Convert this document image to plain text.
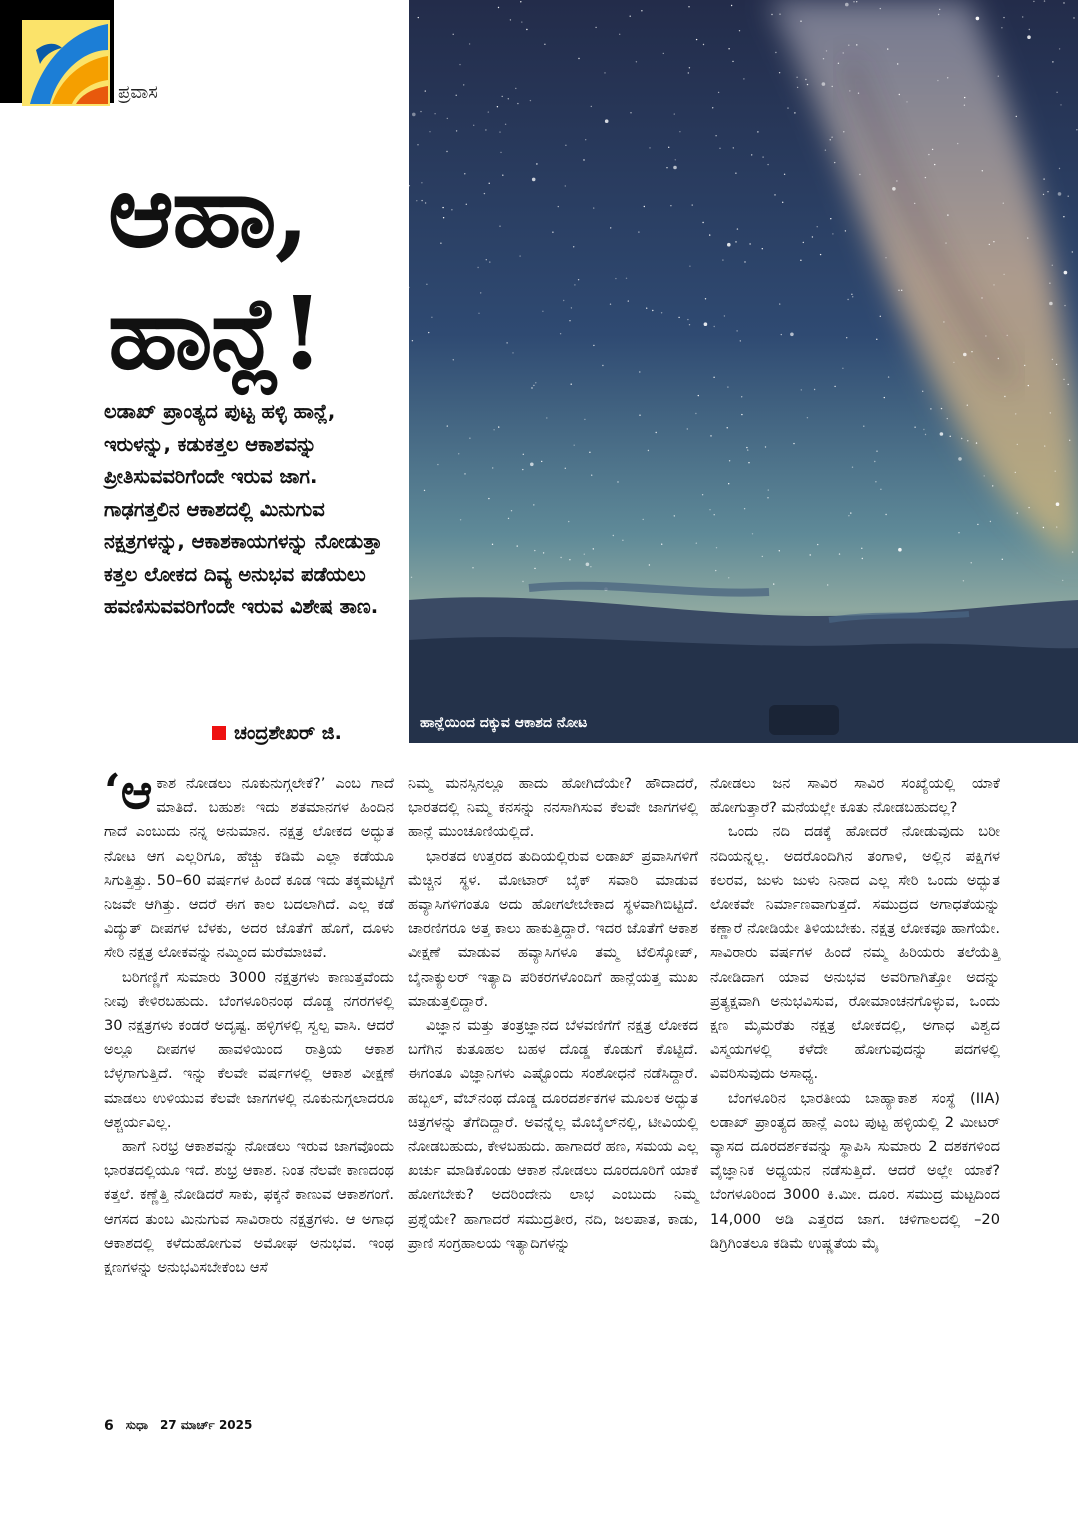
ಪ್ರವಾಸ
ಆಹಾ,
ಹಾನ್ಲೆ!
ಲಡಾಖ್ ಪ್ರಾಂತ್ಯದ ಪುಟ್ಟ ಹಳ್ಳಿ ಹಾನ್ಲೆ, ಇರುಳನ್ನು, ಕಡುಕತ್ತಲ ಆಕಾಶವನ್ನು ಪ್ರೀತಿಸುವವರಿಗೆಂದೇ ಇರುವ ಜಾಗ. ಗಾಢಗತ್ತಲಿನ ಆಕಾಶದಲ್ಲಿ ಮಿನುಗುವ ನಕ್ಷತ್ರಗಳನ್ನು, ಆಕಾಶಕಾಯಗಳನ್ನು ನೋಡುತ್ತಾ ಕತ್ತಲ ಲೋಕದ ದಿವ್ಯ ಅನುಭವ ಪಡೆಯಲು ಹವಣಿಸುವವರಿಗೆಂದೇ ಇರುವ ವಿಶೇಷ ತಾಣ.
ಚಂದ್ರಶೇಖರ್ ಜಿ.	ಹಾನ್ಲೆಯಿಂದ ದಕ್ಕುವ ಆಕಾಶದ ನೋಟ

‘ಆಕಾಶ ನೋಡಲು ನೂಕುನುಗ್ಗಲೇಕೆ?’ ಎಂಬ ಗಾದೆ ಮಾತಿದೆ. ಬಹುಶಃ ಇದು ಶತಮಾನಗಳ ಹಿಂದಿನ ಗಾದೆ ಎಂಬುದು ನನ್ನ ಅನುಮಾನ. ನಕ್ಷತ್ರ ಲೋಕದ ಅದ್ಭುತ ನೋಟ ಆಗ ಎಲ್ಲರಿಗೂ, ಹೆಚ್ಚು ಕಡಿಮೆ ಎಲ್ಲಾ ಕಡೆಯೂ ಸಿಗುತ್ತಿತ್ತು. 50–60 ವರ್ಷಗಳ ಹಿಂದೆ ಕೂಡ ಇದು ತಕ್ಕಮಟ್ಟಿಗೆ ನಿಜವೇ ಆಗಿತ್ತು. ಆದರೆ ಈಗ ಕಾಲ ಬದಲಾಗಿದೆ. ಎಲ್ಲ ಕಡೆ ವಿದ್ಯುತ್ ದೀಪಗಳ ಬೆಳಕು, ಅದರ ಜೊತೆಗೆ ಹೊಗೆ, ದೂಳು ಸೇರಿ ನಕ್ಷತ್ರ ಲೋಕವನ್ನು ನಮ್ಮಿಂದ ಮರೆಮಾಚಿವೆ.

ಬರಿಗಣ್ಣಿಗೆ ಸುಮಾರು 3000 ನಕ್ಷತ್ರಗಳು ಕಾಣುತ್ತವೆಂದು ನೀವು ಕೇಳಿರಬಹುದು. ಬೆಂಗಳೂರಿನಂಥ ದೊಡ್ಡ ನಗರಗಳಲ್ಲಿ 30 ನಕ್ಷತ್ರಗಳು ಕಂಡರೆ ಅದೃಷ್ಟ. ಹಳ್ಳಿಗಳಲ್ಲಿ ಸ್ವಲ್ಪ ವಾಸಿ. ಆದರೆ ಅಲ್ಲೂ ದೀಪಗಳ ಹಾವಳಿಯಿಂದ ರಾತ್ರಿಯ ಆಕಾಶ ಬೆಳ್ಳಗಾಗುತ್ತಿದೆ. ಇನ್ನು ಕೆಲವೇ ವರ್ಷಗಳಲ್ಲಿ ಆಕಾಶ ವೀಕ್ಷಣೆ ಮಾಡಲು ಉಳಿಯುವ ಕೆಲವೇ ಜಾಗಗಳಲ್ಲಿ ನೂಕುನುಗ್ಗಲಾದರೂ ಆಶ್ಚರ್ಯವಿಲ್ಲ.

ಹಾಗೆ ನಿರಭ್ರ ಆಕಾಶವನ್ನು ನೋಡಲು ಇರುವ ಜಾಗವೊಂದು ಭಾರತದಲ್ಲಿಯೂ ಇದೆ. ಶುಭ್ರ ಆಕಾಶ. ನಿಂತ ನೆಲವೇ ಕಾಣದಂಥ ಕತ್ತಲೆ. ಕಣ್ಣೆತ್ತಿ ನೋಡಿದರೆ ಸಾಕು, ಫಕ್ಕನೆ ಕಾಣುವ ಆಕಾಶಗಂಗೆ. ಆಗಸದ ತುಂಬ ಮಿನುಗುವ ಸಾವಿರಾರು ನಕ್ಷತ್ರಗಳು. ಆ ಅಗಾಧ ಆಕಾಶದಲ್ಲಿ ಕಳೆದುಹೋಗುವ ಅಮೋಘ ಅನುಭವ. ಇಂಥ ಕ್ಷಣಗಳನ್ನು ಅನುಭವಿಸಬೇಕೆಂಬ ಆಸೆ

ನಿಮ್ಮ ಮನಸ್ಸಿನಲ್ಲೂ ಹಾದು ಹೋಗಿದೆಯೇ? ಹೌದಾದರೆ, ಭಾರತದಲ್ಲಿ ನಿಮ್ಮ ಕನಸನ್ನು ನನಸಾಗಿಸುವ ಕೆಲವೇ ಜಾಗಗಳಲ್ಲಿ ಹಾನ್ಲೆ ಮುಂಚೂಣಿಯಲ್ಲಿದೆ.

ಭಾರತದ ಉತ್ತರದ ತುದಿಯಲ್ಲಿರುವ ಲಡಾಖ್ ಪ್ರವಾಸಿಗಳಿಗೆ ಮೆಚ್ಚಿನ ಸ್ಥಳ. ಮೋಟಾರ್ ಬೈಕ್ ಸವಾರಿ ಮಾಡುವ ಹವ್ಯಾಸಿಗಳಿಗಂತೂ ಅದು ಹೋಗಲೇಬೇಕಾದ ಸ್ಥಳವಾಗಿಬಿಟ್ಟಿದೆ. ಚಾರಣಿಗರೂ ಅತ್ತ ಕಾಲು ಹಾಕುತ್ತಿದ್ದಾರೆ. ಇದರ ಜೊತೆಗೆ ಆಕಾಶ ವೀಕ್ಷಣೆ ಮಾಡುವ ಹವ್ಯಾಸಿಗಳೂ ತಮ್ಮ ಟೆಲಿಸ್ಕೋಪ್, ಬೈನಾಕ್ಯುಲರ್ ಇತ್ಯಾದಿ ಪರಿಕರಗಳೊಂದಿಗೆ ಹಾನ್ಲೆಯತ್ತ ಮುಖ ಮಾಡುತ್ತಲಿದ್ದಾರೆ.

ವಿಜ್ಞಾನ ಮತ್ತು ತಂತ್ರಜ್ಞಾನದ ಬೆಳವಣಿಗೆಗೆ ನಕ್ಷತ್ರ ಲೋಕದ ಬಗೆಗಿನ ಕುತೂಹಲ ಬಹಳ ದೊಡ್ಡ ಕೊಡುಗೆ ಕೊಟ್ಟಿದೆ. ಈಗಂತೂ ವಿಜ್ಞಾನಿಗಳು ಎಷ್ಟೊಂದು ಸಂಶೋಧನೆ ನಡೆಸಿದ್ದಾರೆ. ಹಬ್ಬಲ್, ವೆಬ್‌ನಂಥ ದೊಡ್ಡ ದೂರದರ್ಶಕಗಳ ಮೂಲಕ ಅದ್ಭುತ ಚಿತ್ರಗಳನ್ನು ತೆಗೆದಿದ್ದಾರೆ. ಅವನ್ನೆಲ್ಲ ಮೊಬೈಲ್‌ನಲ್ಲಿ, ಟೀವಿಯಲ್ಲಿ ನೋಡಬಹುದು, ಕೇಳಬಹುದು. ಹಾಗಾದರೆ ಹಣ, ಸಮಯ ಎಲ್ಲ ಖರ್ಚು ಮಾಡಿಕೊಂಡು ಆಕಾಶ ನೋಡಲು ದೂರದೂರಿಗೆ ಯಾಕೆ ಹೋಗಬೇಕು? ಅದರಿಂದೇನು ಲಾಭ ಎಂಬುದು ನಿಮ್ಮ ಪ್ರಶ್ನೆಯೇ? ಹಾಗಾದರೆ ಸಮುದ್ರತೀರ, ನದಿ, ಜಲಪಾತ, ಕಾಡು, ಪ್ರಾಣಿ ಸಂಗ್ರಹಾಲಯ ಇತ್ಯಾದಿಗಳನ್ನು

ನೋಡಲು ಜನ ಸಾವಿರ ಸಾವಿರ ಸಂಖ್ಯೆಯಲ್ಲಿ ಯಾಕೆ ಹೋಗುತ್ತಾರೆ? ಮನೆಯಲ್ಲೇ ಕೂತು ನೋಡಬಹುದಲ್ಲ?

ಒಂದು ನದಿ ದಡಕ್ಕೆ ಹೋದರೆ ನೋಡುವುದು ಬರೀ ನದಿಯನ್ನಲ್ಲ. ಅದರೊಂದಿಗಿನ ತಂಗಾಳಿ, ಅಲ್ಲಿನ ಪಕ್ಷಿಗಳ ಕಲರವ, ಜುಳು ಜುಳು ನಿನಾದ ಎಲ್ಲ ಸೇರಿ ಒಂದು ಅದ್ಭುತ ಲೋಕವೇ ನಿರ್ಮಾಣವಾಗುತ್ತದೆ. ಸಮುದ್ರದ ಅಗಾಧತೆಯನ್ನು ಕಣ್ಣಾರೆ ನೋಡಿಯೇ ತಿಳಿಯಬೇಕು. ನಕ್ಷತ್ರ ಲೋಕವೂ ಹಾಗೆಯೇ. ಸಾವಿರಾರು ವರ್ಷಗಳ ಹಿಂದೆ ನಮ್ಮ ಹಿರಿಯರು ತಲೆಯೆತ್ತಿ ನೋಡಿದಾಗ ಯಾವ ಅನುಭವ ಅವರಿಗಾಗಿತ್ತೋ ಅದನ್ನು ಪ್ರತ್ಯಕ್ಷವಾಗಿ ಅನುಭವಿಸುವ, ರೋಮಾಂಚನಗೊಳ್ಳುವ, ಒಂದು ಕ್ಷಣ ಮೈಮರೆತು ನಕ್ಷತ್ರ ಲೋಕದಲ್ಲಿ, ಅಗಾಧ ವಿಶ್ವದ ವಿಸ್ಮಯಗಳಲ್ಲಿ ಕಳೆದೇ ಹೋಗುವುದನ್ನು ಪದಗಳಲ್ಲಿ ವಿವರಿಸುವುದು ಅಸಾಧ್ಯ.

ಬೆಂಗಳೂರಿನ ಭಾರತೀಯ ಬಾಹ್ಯಾಕಾಶ ಸಂಸ್ಥೆ (IIA) ಲಡಾಖ್ ಪ್ರಾಂತ್ಯದ ಹಾನ್ಲೆ ಎಂಬ ಪುಟ್ಟ ಹಳ್ಳಿಯಲ್ಲಿ 2 ಮೀಟರ್ ವ್ಯಾಸದ ದೂರದರ್ಶಕವನ್ನು ಸ್ಥಾಪಿಸಿ ಸುಮಾರು 2 ದಶಕಗಳಿಂದ ವೈಜ್ಞಾನಿಕ ಅಧ್ಯಯನ ನಡೆಸುತ್ತಿದೆ. ಆದರೆ ಅಲ್ಲೇ ಯಾಕೆ? ಬೆಂಗಳೂರಿಂದ 3000 ಕಿ.ಮೀ. ದೂರ. ಸಮುದ್ರ ಮಟ್ಟದಿಂದ 14,000 ಅಡಿ ಎತ್ತರದ ಜಾಗ. ಚಳಿಗಾಲದಲ್ಲಿ –20 ಡಿಗ್ರಿಗಿಂತಲೂ ಕಡಿಮೆ ಉಷ್ಣತೆಯ ಮೈ

6 ಸುಧಾ 27 ಮಾರ್ಚ್ 2025
